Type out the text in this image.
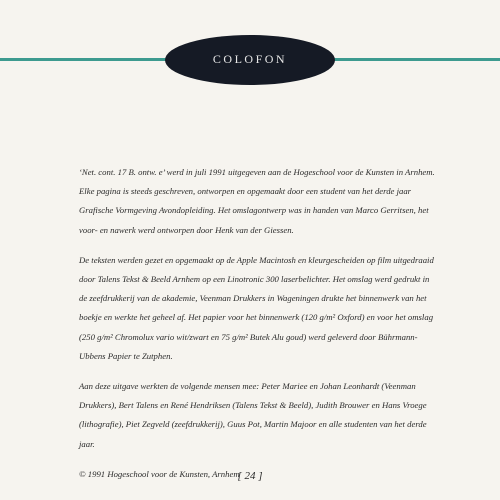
COLOFON

‘Net. cont. 17 B. ontw. e’ werd in juli 1991 uitgegeven aan de Hogeschool voor de Kunsten in Arnhem. Elke pagina is steeds geschreven, ontworpen en opgemaakt door een student van het derde jaar Grafische Vormgeving Avondopleiding. Het omslagontwerp was in handen van Marco Gerritsen, het voor- en nawerk werd ontworpen door Henk van der Giessen.

De teksten werden gezet en opgemaakt op de Apple Macintosh en kleurgescheiden op film uitgedraaid door Talens Tekst & Beeld Arnhem op een Linotronic 300 laserbelichter. Het omslag werd gedrukt in de zeefdrukkerij van de akademie, Veenman Drukkers in Wageningen drukte het binnenwerk van het boekje en werkte het geheel af. Het papier voor het binnenwerk (120 g/m² Oxford) en voor het omslag (250 g/m² Chromolux vario wit/zwart en 75 g/m² Butek Alu goud) werd geleverd door Bührmann-Ubbens Papier te Zutphen.

Aan deze uitgave werkten de volgende mensen mee: Peter Mariee en Johan Leonhardt (Veenman Drukkers), Bert Talens en René Hendriksen (Talens Tekst & Beeld), Judith Brouwer en Hans Vroege (lithografie), Piet Zegveld (zeefdrukkerij), Guus Pot, Martin Majoor en alle studenten van het derde jaar.

© 1991 Hogeschool voor de Kunsten, Arnhem

[ 24 ]
